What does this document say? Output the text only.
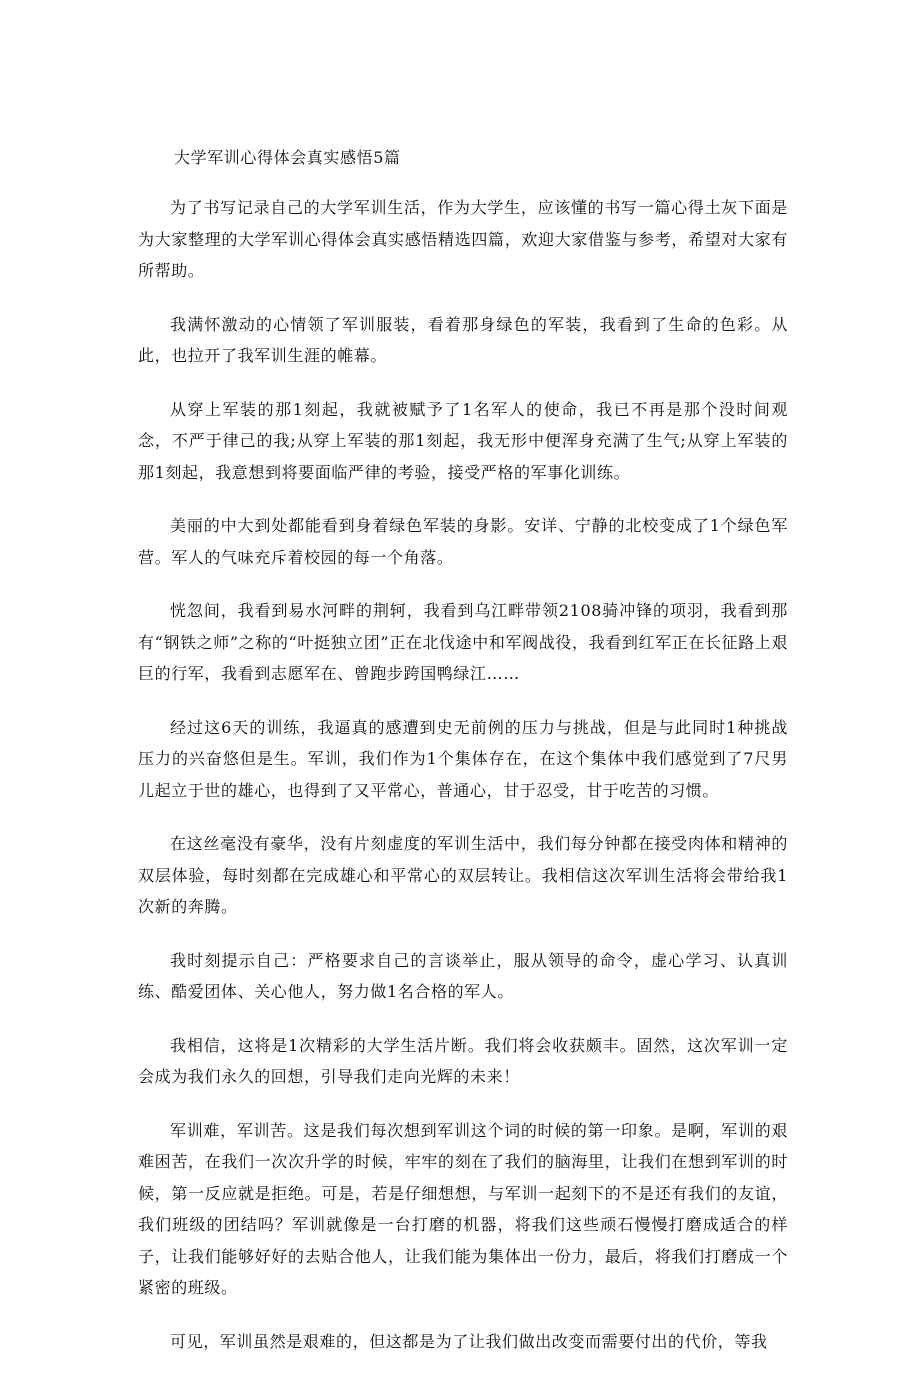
大学军训心得体会真实感悟5篇

为了书写记录自己的大学军训生活，作为大学生，应该懂的书写一篇心得土灰下面是为大家整理的大学军训心得体会真实感悟精选四篇，欢迎大家借鉴与参考，希望对大家有所帮助。

我满怀激动的心情领了军训服装，看着那身绿色的军装，我看到了生命的色彩。从此，也拉开了我军训生涯的帷幕。

从穿上军装的那1刻起，我就被赋予了1名军人的使命，我已不再是那个没时间观念，不严于律己的我;从穿上军装的那1刻起，我无形中便浑身充满了生气;从穿上军装的那1刻起，我意想到将要面临严律的考验，接受严格的军事化训练。

美丽的中大到处都能看到身着绿色军装的身影。安详、宁静的北校变成了1个绿色军营。军人的气味充斥着校园的每一个角落。

恍忽间，我看到易水河畔的荆轲，我看到乌江畔带领2108骑冲锋的项羽，我看到那有“钢铁之师”之称的“叶挺独立团”正在北伐途中和军阀战役，我看到红军正在长征路上艰巨的行军，我看到志愿军在、曾跑步跨国鸭绿江……

经过这6天的训练，我逼真的感遭到史无前例的压力与挑战，但是与此同时1种挑战压力的兴奋悠但是生。军训，我们作为1个集体存在，在这个集体中我们感觉到了7尺男儿起立于世的雄心，也得到了又平常心，普通心，甘于忍受，甘于吃苦的习惯。

在这丝毫没有豪华，没有片刻虚度的军训生活中，我们每分钟都在接受肉体和精神的双层体验，每时刻都在完成雄心和平常心的双层转让。我相信这次军训生活将会带给我1次新的奔腾。

我时刻提示自己：严格要求自己的言谈举止，服从领导的命令，虚心学习、认真训练、酷爱团体、关心他人，努力做1名合格的军人。

我相信，这将是1次精彩的大学生活片断。我们将会收获颇丰。固然，这次军训一定会成为我们永久的回想，引导我们走向光辉的未来！

军训难，军训苦。这是我们每次想到军训这个词的时候的第一印象。是啊，军训的艰难困苦，在我们一次次升学的时候，牢牢的刻在了我们的脑海里，让我们在想到军训的时候，第一反应就是拒绝。可是，若是仔细想想，与军训一起刻下的不是还有我们的友谊，我们班级的团结吗？军训就像是一台打磨的机器，将我们这些顽石慢慢打磨成适合的样子，让我们能够好好的去贴合他人，让我们能为集体出一份力，最后，将我们打磨成一个紧密的班级。

可见，军训虽然是艰难的，但这都是为了让我们做出改变而需要付出的代价，等我
